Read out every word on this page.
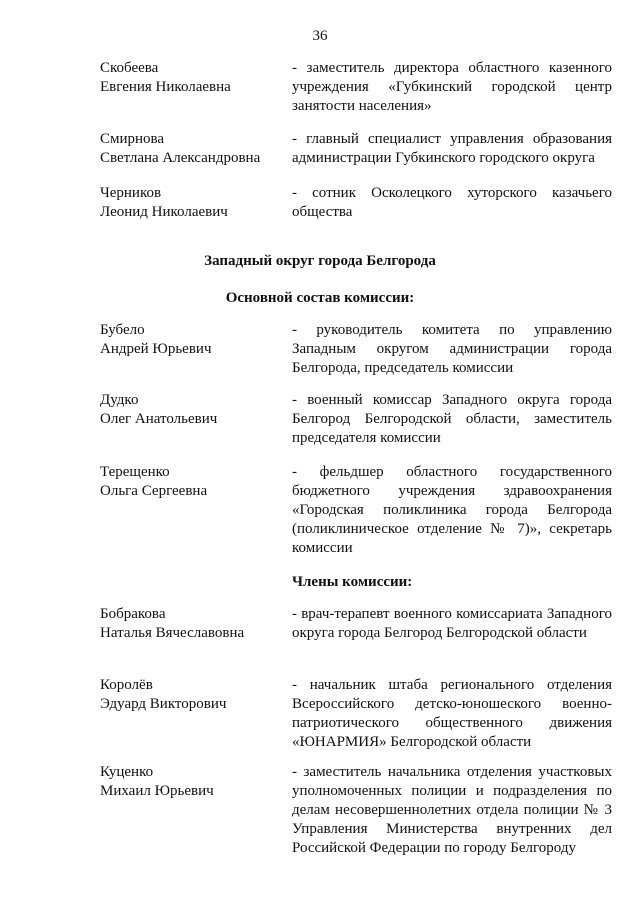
36
Скобеева
Евгения Николаевна
- заместитель директора областного казенного учреждения «Губкинский городской центр занятости населения»
Смирнова
Светлана Александровна
- главный специалист управления образования администрации Губкинского городского округа
Черников
Леонид Николаевич
- сотник Осколецкого хуторского казачьего общества
Западный округ города Белгорода
Основной состав комиссии:
Бубело
Андрей Юрьевич
- руководитель комитета по управлению Западным округом администрации города Белгорода, председатель комиссии
Дудко
Олег Анатольевич
- военный комиссар Западного округа города Белгород Белгородской области, заместитель председателя комиссии
Терещенко
Ольга Сергеевна
- фельдшер областного государственного бюджетного учреждения здравоохранения «Городская поликлиника города Белгорода (поликлиническое отделение № 7)», секретарь комиссии
Члены комиссии:
Бобракова
Наталья Вячеславовна
- врач-терапевт военного комиссариата Западного округа города Белгород Белгородской области
Королёв
Эдуард Викторович
- начальник штаба регионального отделения Всероссийского детско-юношеского военно-патриотического общественного движения «ЮНАРМИЯ» Белгородской области
Куценко
Михаил Юрьевич
- заместитель начальника отделения участковых уполномоченных полиции и подразделения по делам несовершеннолетних отдела полиции № 3 Управления Министерства внутренних дел Российской Федерации по городу Белгороду
